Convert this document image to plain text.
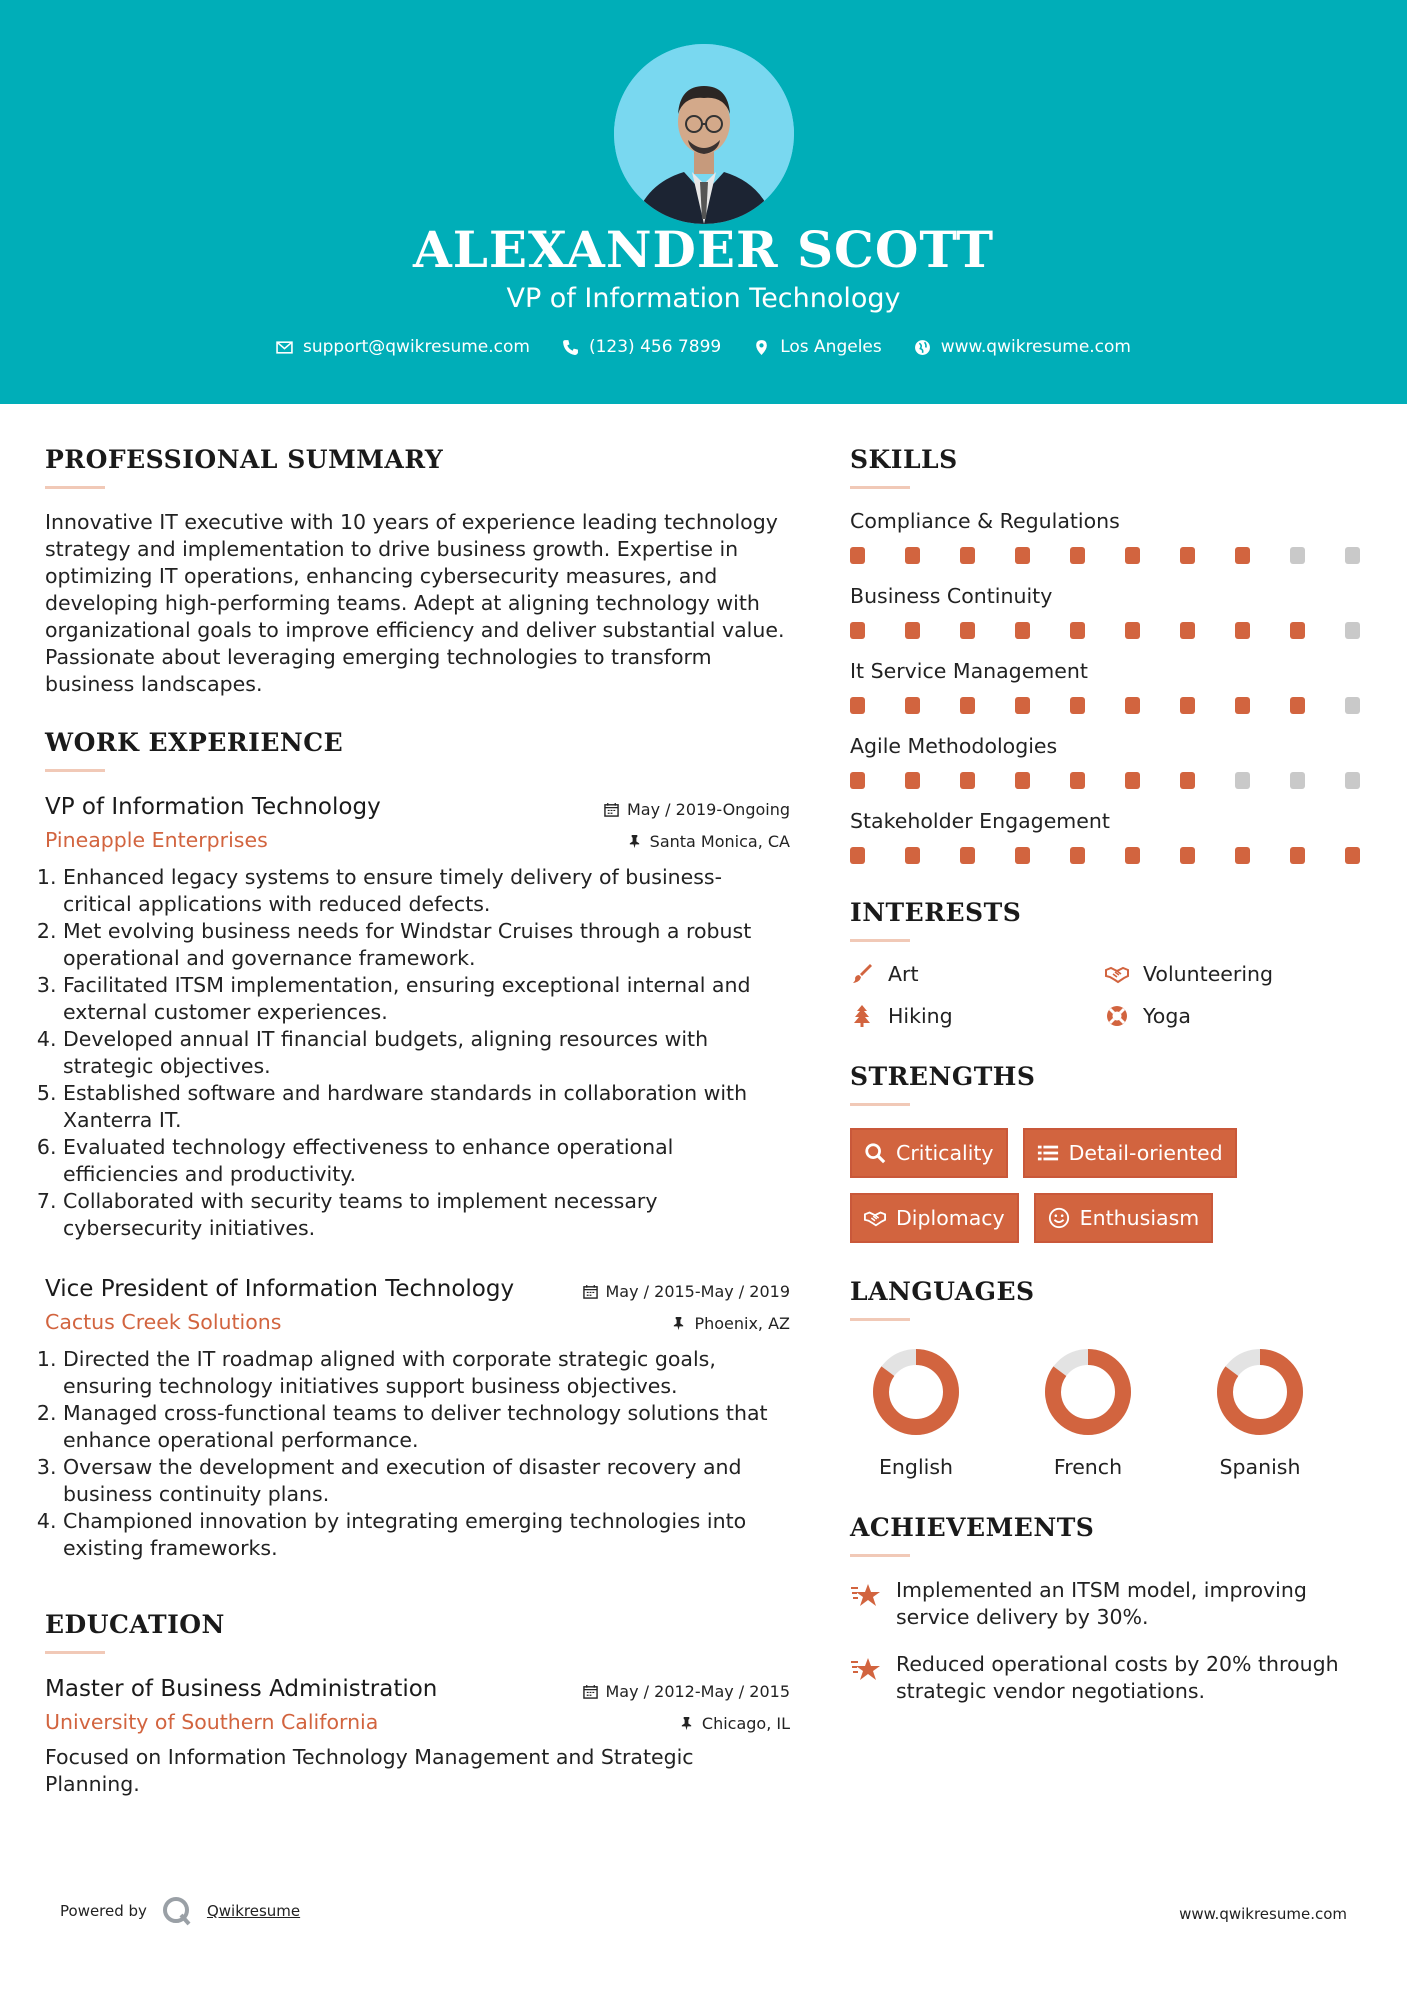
ALEXANDER SCOTT
VP of Information Technology
support@qwikresume.com	(123) 456 7899	Los Angeles	www.qwikresume.com
PROFESSIONAL SUMMARY

Innovative IT executive with 10 years of experience leading technology strategy and implementation to drive business growth. Expertise in optimizing IT operations, enhancing cybersecurity measures, and developing high-performing teams. Adept at aligning technology with organizational goals to improve efficiency and deliver substantial value. Passionate about leveraging emerging technologies to transform business landscapes.

WORK EXPERIENCE
VP of Information Technology	May / 2019-Ongoing
Pineapple Enterprises	Santa Monica, CA
1. Enhanced legacy systems to ensure timely delivery of business-critical applications with reduced defects.
2. Met evolving business needs for Windstar Cruises through a robust operational and governance framework.
3. Facilitated ITSM implementation, ensuring exceptional internal and external customer experiences.
4. Developed annual IT financial budgets, aligning resources with strategic objectives.
5. Established software and hardware standards in collaboration with Xanterra IT.
6. Evaluated technology effectiveness to enhance operational efficiencies and productivity.
7. Collaborated with security teams to implement necessary cybersecurity initiatives.
Vice President of Information Technology	May / 2015-May / 2019
Cactus Creek Solutions	Phoenix, AZ
1. Directed the IT roadmap aligned with corporate strategic goals, ensuring technology initiatives support business objectives.
2. Managed cross-functional teams to deliver technology solutions that enhance operational performance.
3. Oversaw the development and execution of disaster recovery and business continuity plans.
4. Championed innovation by integrating emerging technologies into existing frameworks.
EDUCATION
Master of Business Administration	May / 2012-May / 2015
University of Southern California	Chicago, IL

Focused on Information Technology Management and Strategic Planning.

SKILLS
Compliance & Regulations
Business Continuity
It Service Management
Agile Methodologies
Stakeholder Engagement
INTERESTS
Art	Volunteering
Hiking	Yoga
STRENGTHS
Criticality	Detail-oriented
Diplomacy	Enthusiasm
LANGUAGES
English	French	Spanish
ACHIEVEMENTS
Implemented an ITSM model, improving service delivery by 30%.
Reduced operational costs by 20% through strategic vendor negotiations.
Powered by	Qwikresume	www.qwikresume.com
